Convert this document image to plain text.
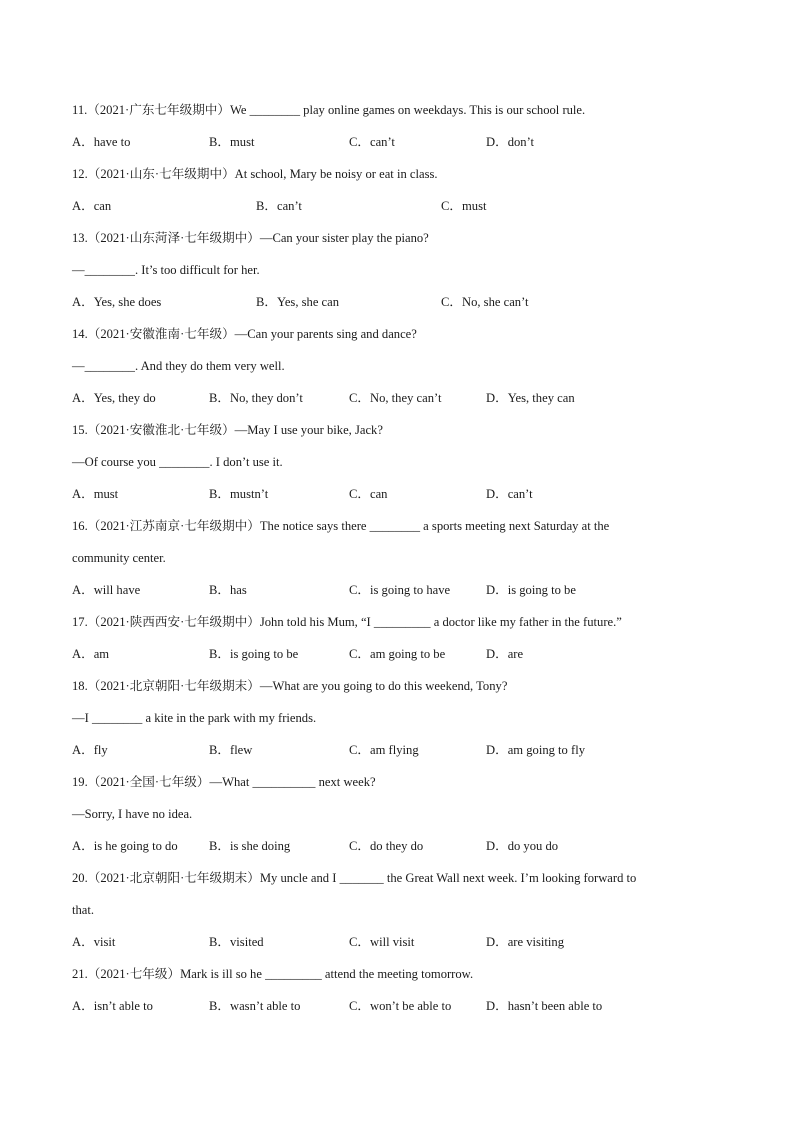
11.（2021·广东七年级期中）We ________ play online games on weekdays. This is our school rule.
A．have to	B．must	C．can’t	D．don’t
12.（2021·山东·七年级期中）At school, Mary be noisy or eat in class.
A．can	B．can’t	C．must
13.（2021·山东菏泽·七年级期中）—Can your sister play the piano?
—________. It’s too difficult for her.
A．Yes, she does	B．Yes, she can	C．No, she can’t
14.（2021·安徽淮南·七年级）—Can your parents sing and dance?
—________. And they do them very well.
A．Yes, they do	B．No, they don’t	C．No, they can’t	D．Yes, they can
15.（2021·安徽淮北·七年级）—May I use your bike, Jack?
—Of course you ________. I don’t use it.
A．must	B．mustn’t	C．can	D．can’t
16.（2021·江苏南京·七年级期中）The notice says there ________ a sports meeting next Saturday at the
community center.
A．will have	B．has	C．is going to have	D．is going to be
17.（2021·陕西西安·七年级期中）John told his Mum, “I _________ a doctor like my father in the future.”
A．am	B．is going to be	C．am going to be	D．are
18.（2021·北京朝阳·七年级期末）—What are you going to do this weekend, Tony?
—I ________ a kite in the park with my friends.
A．fly	B．flew	C．am flying	D．am going to fly
19.（2021·全国·七年级）—What __________ next week?
—Sorry, I have no idea.
A．is he going to do B．is she doing	C．do they do	D．do you do
20.（2021·北京朝阳·七年级期末）My uncle and I _______ the Great Wall next week. I’m looking forward to
that.
A．visit	B．visited	C．will visit	D．are visiting
21.（2021·七年级）Mark is ill so he _________ attend the meeting tomorrow.
A．isn’t able to	B．wasn’t able to	C．won’t be able to	D．hasn’t been able to
